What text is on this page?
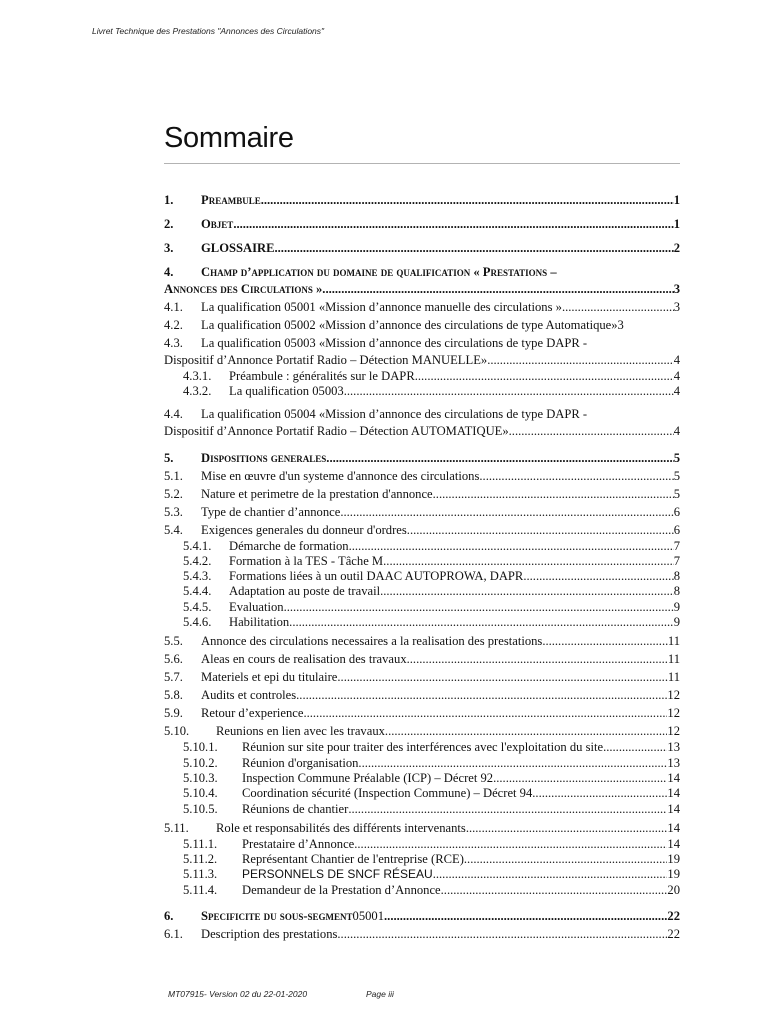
Livret Technique des Prestations "Annonces des Circulations"
Sommaire
1.	Preambule .....	1
2.	Objet .....	1
3.	GLOSSAIRE .....	2
4.	Champ d’application du domaine de qualification « Prestations –
Annonces des Circulations » .....	3
4.1.	La qualification 05001 «Mission d’annonce manuelle des circulations » .....	3
4.2.	La qualification 05002 «Mission d’annonce des circulations de type Automatique» 3
4.3.	La qualification 05003 «Mission d’annonce des circulations de type DAPR -
Dispositif d’Annonce Portatif Radio – Détection MANUELLE» .....	4
4.3.1.	Préambule : généralités sur le DAPR .....	4
4.3.2.	La qualification 05003 .....	4
4.4.	La qualification 05004 «Mission d’annonce des circulations de type DAPR -
Dispositif d’Annonce Portatif Radio – Détection AUTOMATIQUE» .....	4
5.	Dispositions generales .....	5
5.1.	Mise en œuvre d'un systeme d'annonce des circulations .....	5
5.2.	Nature et perimetre de la prestation d'annonce .....	5
5.3.	Type de chantier d’annonce .....	6
5.4.	Exigences generales du donneur d'ordres .....	6
5.4.1.	Démarche de formation .....	7
5.4.2.	Formation à la TES - Tâche M .....	7
5.4.3.	Formations liées à un outil DAAC AUTOPROWA, DAPR .....	8
5.4.4.	Adaptation au poste de travail .....	8
5.4.5.	Evaluation .....	9
5.4.6.	Habilitation .....	9
5.5.	Annonce des circulations necessaires a la realisation des prestations .....	11
5.6.	Aleas en cours de realisation des travaux .....	11
5.7.	Materiels et epi du titulaire .....	11
5.8.	Audits et controles .....	12
5.9.	Retour d’experience .....	12
5.10.	Reunions en lien avec les travaux .....	12
5.10.1.	Réunion sur site pour traiter des interférences avec l'exploitation du site .....	13
5.10.2.	Réunion d'organisation .....	13
5.10.3.	Inspection Commune Préalable (ICP) – Décret 92 .....	14
5.10.4.	Coordination sécurité (Inspection Commune) – Décret 94 .....	14
5.10.5.	Réunions de chantier .....	14
5.11.	Role et responsabilités des différents intervenants .....	14
5.11.1.	Prestataire d’Annonce .....	14
5.11.2.	Représentant Chantier de l'entreprise (RCE) .....	19
5.11.3.	PERSONNELS DE SNCF RÉSEAU .....	19
5.11.4.	Demandeur de la Prestation d’Annonce .....	20
6.	Specificite du sous-segment 05001 .....	22
6.1.	Description des prestations .....	22
MT07915- Version 02 du 22-01-2020	Page iii
